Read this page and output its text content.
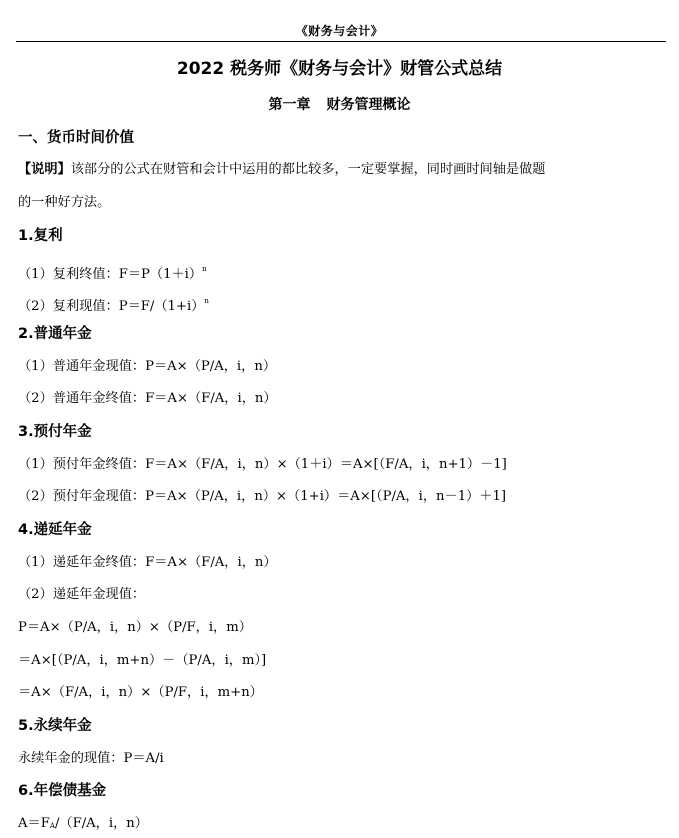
《财务与会计》
2022 税务师《财务与会计》财管公式总结
第一章 财务管理概论
一、货币时间价值
【说明】该部分的公式在财管和会计中运用的都比较多，一定要掌握，同时画时间轴是做题
的一种好方法。
1.复利
（1）复利终值：$F=P(1+i)^n$
（2）复利现值：$P=F/(1+i)^n$
2.普通年金
（1）普通年金现值：P＝A×（P/A，i，n）
（2）普通年金终值：F＝A×（F/A，i，n）
3.预付年金
（1）预付年金终值：F＝A×（F/A，i，n）×（1＋i）＝A×[（F/A，i，n+1）－1]
（2）预付年金现值：P＝A×（P/A，i，n）×（1+i）＝A×[（P/A，i，n－1）＋1]
4.递延年金
（1）递延年金终值：F＝A×（F/A，i，n）
（2）递延年金现值：
P＝A×（P/A，i，n）×（P/F，i，m）
＝A×[（P/A，i，m+n）－（P/A，i，m）]
＝A×（F/A，i，n）×（P/F，i，m+n）
5.永续年金
永续年金的现值：P＝A/i
6.年偿债基金
$A=F_A/(F/A$，i，n）
